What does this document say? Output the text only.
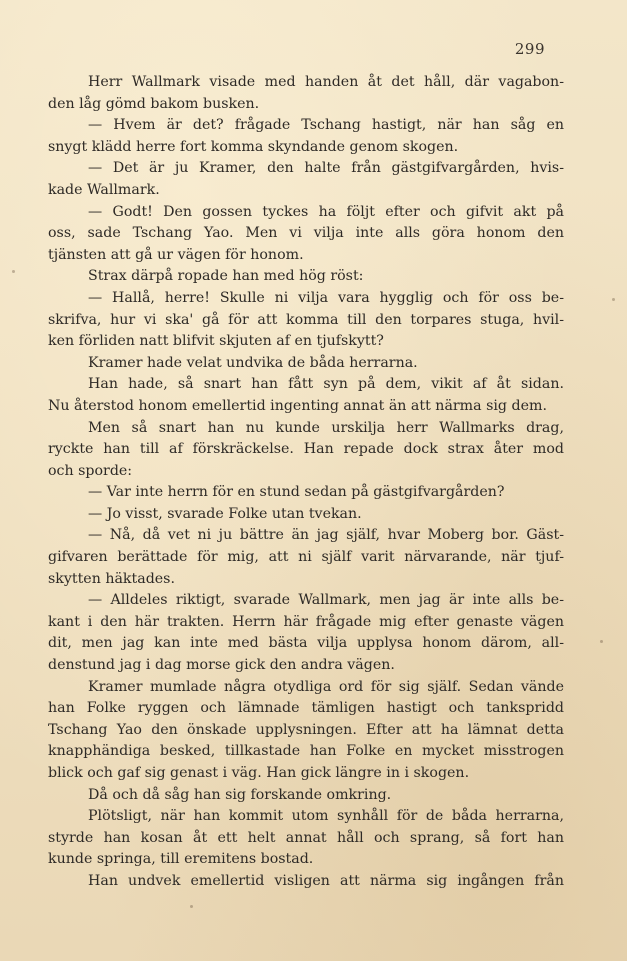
299
Herr Wallmark visade med handen åt det håll, där vagabon-
den låg gömd bakom busken.
— Hvem är det? frågade Tschang hastigt, när han såg en
snygt klädd herre fort komma skyndande genom skogen.
— Det är ju Kramer, den halte från gästgifvargården, hvis-
kade Wallmark.
— Godt! Den gossen tyckes ha följt efter och gifvit akt på
oss, sade Tschang Yao. Men vi vilja inte alls göra honom den
tjänsten att gå ur vägen för honom.
Strax därpå ropade han med hög röst:
— Hallå, herre! Skulle ni vilja vara hygglig och för oss be-
skrifva, hur vi ska' gå för att komma till den torpares stuga, hvil-
ken förliden natt blifvit skjuten af en tjufskytt?
Kramer hade velat undvika de båda herrarna.
Han hade, så snart han fått syn på dem, vikit af åt sidan.
Nu återstod honom emellertid ingenting annat än att närma sig dem.
Men så snart han nu kunde urskilja herr Wallmarks drag,
ryckte han till af förskräckelse. Han repade dock strax åter mod
och sporde:
— Var inte herrn för en stund sedan på gästgifvargården?
— Jo visst, svarade Folke utan tvekan.
— Nå, då vet ni ju bättre än jag själf, hvar Moberg bor. Gäst-
gifvaren berättade för mig, att ni själf varit närvarande, när tjuf-
skytten häktades.
— Alldeles riktigt, svarade Wallmark, men jag är inte alls be-
kant i den här trakten. Herrn här frågade mig efter genaste vägen
dit, men jag kan inte med bästa vilja upplysa honom därom, all-
denstund jag i dag morse gick den andra vägen.
Kramer mumlade några otydliga ord för sig själf. Sedan vände
han Folke ryggen och lämnade tämligen hastigt och tankspridd
Tschang Yao den önskade upplysningen. Efter att ha lämnat detta
knapphändiga besked, tillkastade han Folke en mycket misstrogen
blick och gaf sig genast i väg. Han gick längre in i skogen.
Då och då såg han sig forskande omkring.
Plötsligt, när han kommit utom synhåll för de båda herrarna,
styrde han kosan åt ett helt annat håll och sprang, så fort han
kunde springa, till eremitens bostad.
Han undvek emellertid visligen att närma sig ingången från
